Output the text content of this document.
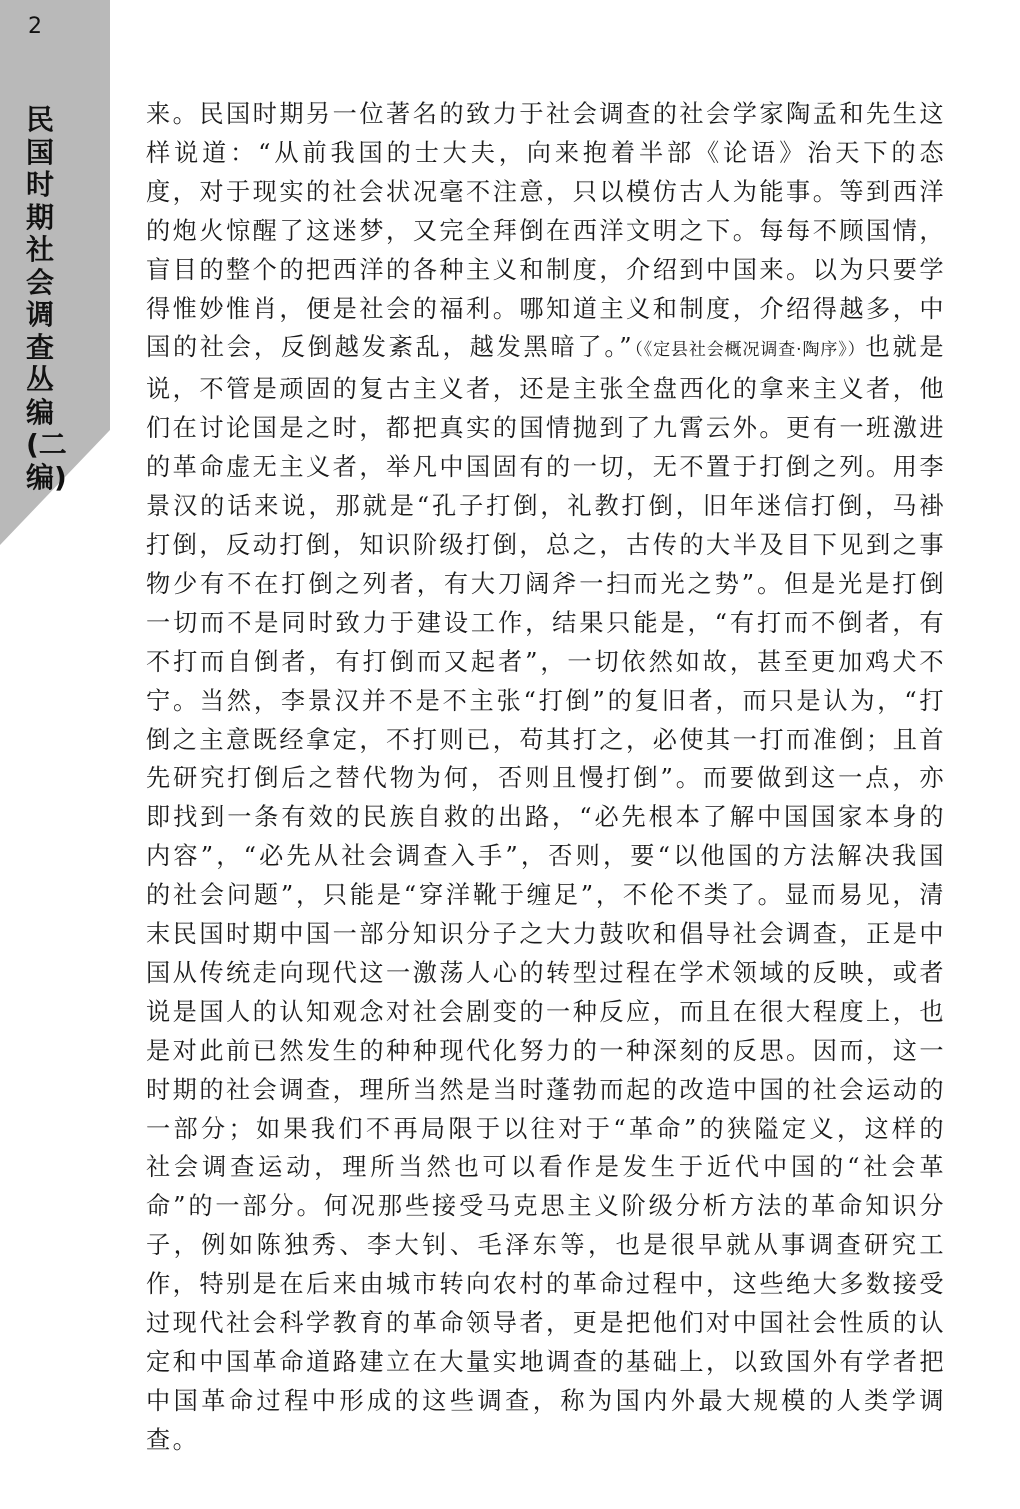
2
民国时期社会调查丛编
(二编)

来。民国时期另一位著名的致力于社会调查的社会学家陶孟和先生这样说道：“从前我国的士大夫，向来抱着半部《论语》治天下的态度，对于现实的社会状况毫不注意，只以模仿古人为能事。等到西洋的炮火惊醒了这迷梦，又完全拜倒在西洋文明之下。每每不顾国情，盲目的整个的把西洋的各种主义和制度，介绍到中国来。以为只要学得惟妙惟肖，便是社会的福利。哪知道主义和制度，介绍得越多，中国的社会，反倒越发紊乱，越发黑暗了。”（《定县社会概况调查·陶序》）也就是说，不管是顽固的复古主义者，还是主张全盘西化的拿来主义者，他们在讨论国是之时，都把真实的国情抛到了九霄云外。更有一班激进的革命虚无主义者，举凡中国固有的一切，无不置于打倒之列。用李景汉的话来说，那就是“孔子打倒，礼教打倒，旧年迷信打倒，马褂打倒，反动打倒，知识阶级打倒，总之，古传的大半及目下见到之事物少有不在打倒之列者，有大刀阔斧一扫而光之势”。但是光是打倒一切而不是同时致力于建设工作，结果只能是，“有打而不倒者，有不打而自倒者，有打倒而又起者”，一切依然如故，甚至更加鸡犬不宁。当然，李景汉并不是不主张“打倒”的复旧者，而只是认为，“打倒之主意既经拿定，不打则已，苟其打之，必使其一打而准倒；且首先研究打倒后之替代物为何，否则且慢打倒”。而要做到这一点，亦即找到一条有效的民族自救的出路，“必先根本了解中国国家本身的内容”，“必先从社会调查入手”，否则，要“以他国的方法解决我国的社会问题”，只能是“穿洋靴于缠足”，不伦不类了。显而易见，清末民国时期中国一部分知识分子之大力鼓吹和倡导社会调查，正是中国从传统走向现代这一激荡人心的转型过程在学术领域的反映，或者说是国人的认知观念对社会剧变的一种反应，而且在很大程度上，也是对此前已然发生的种种现代化努力的一种深刻的反思。因而，这一时期的社会调查，理所当然是当时蓬勃而起的改造中国的社会运动的一部分；如果我们不再局限于以往对于“革命”的狭隘定义，这样的社会调查运动，理所当然也可以看作是发生于近代中国的“社会革命”的一部分。何况那些接受马克思主义阶级分析方法的革命知识分子，例如陈独秀、李大钊、毛泽东等，也是很早就从事调查研究工作，特别是在后来由城市转向农村的革命过程中，这些绝大多数接受过现代社会科学教育的革命领导者，更是把他们对中国社会性质的认定和中国革命道路建立在大量实地调查的基础上，以致国外有学者把中国革命过程中形成的这些调查，称为国内外最大规模的人类学调查。
